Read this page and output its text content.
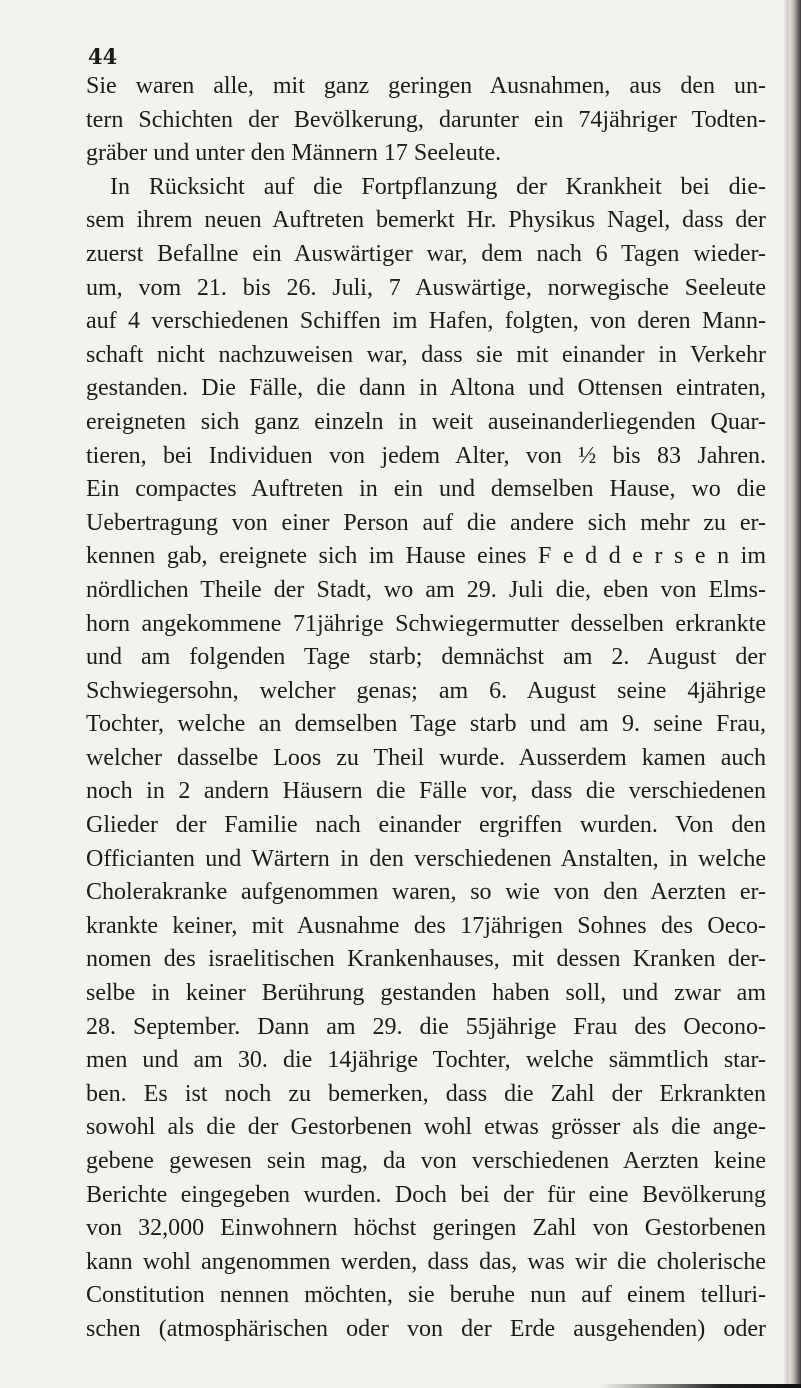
44
Sie waren alle, mit ganz geringen Ausnahmen, aus den un-
tern Schichten der Bevölkerung, darunter ein 74jähriger Todten-
gräber und unter den Männern 17 Seeleute.
In Rücksicht auf die Fortpflanzung der Krankheit bei die-
sem ihrem neuen Auftreten bemerkt Hr. Physikus Nagel, dass der
zuerst Befallne ein Auswärtiger war, dem nach 6 Tagen wieder-
um, vom 21. bis 26. Juli, 7 Auswärtige, norwegische Seeleute
auf 4 verschiedenen Schiffen im Hafen, folgten, von deren Mann-
schaft nicht nachzuweisen war, dass sie mit einander in Verkehr
gestanden. Die Fälle, die dann in Altona und Ottensen eintraten,
ereigneten sich ganz einzeln in weit auseinanderliegenden Quar-
tieren, bei Individuen von jedem Alter, von ½ bis 83 Jahren.
Ein compactes Auftreten in ein und demselben Hause, wo die
Uebertragung von einer Person auf die andere sich mehr zu er-
kennen gab, ereignete sich im Hause eines F e d d e r s e n im
nördlichen Theile der Stadt, wo am 29. Juli die, eben von Elms-
horn angekommene 71jährige Schwiegermutter desselben erkrankte
und am folgenden Tage starb; demnächst am 2. August der
Schwiegersohn, welcher genas; am 6. August seine 4jährige
Tochter, welche an demselben Tage starb und am 9. seine Frau,
welcher dasselbe Loos zu Theil wurde. Ausserdem kamen auch
noch in 2 andern Häusern die Fälle vor, dass die verschiedenen
Glieder der Familie nach einander ergriffen wurden. Von den
Officianten und Wärtern in den verschiedenen Anstalten, in welche
Cholerakranke aufgenommen waren, so wie von den Aerzten er-
krankte keiner, mit Ausnahme des 17jährigen Sohnes des Oeco-
nomen des israelitischen Krankenhauses, mit dessen Kranken der-
selbe in keiner Berührung gestanden haben soll, und zwar am
28. September. Dann am 29. die 55jährige Frau des Oecono-
men und am 30. die 14jährige Tochter, welche sämmtlich star-
ben. Es ist noch zu bemerken, dass die Zahl der Erkrankten
sowohl als die der Gestorbenen wohl etwas grösser als die ange-
gebene gewesen sein mag, da von verschiedenen Aerzten keine
Berichte eingegeben wurden. Doch bei der für eine Bevölkerung
von 32,000 Einwohnern höchst geringen Zahl von Gestorbenen
kann wohl angenommen werden, dass das, was wir die cholerische
Constitution nennen möchten, sie beruhe nun auf einem telluri-
schen (atmosphärischen oder von der Erde ausgehenden) oder
